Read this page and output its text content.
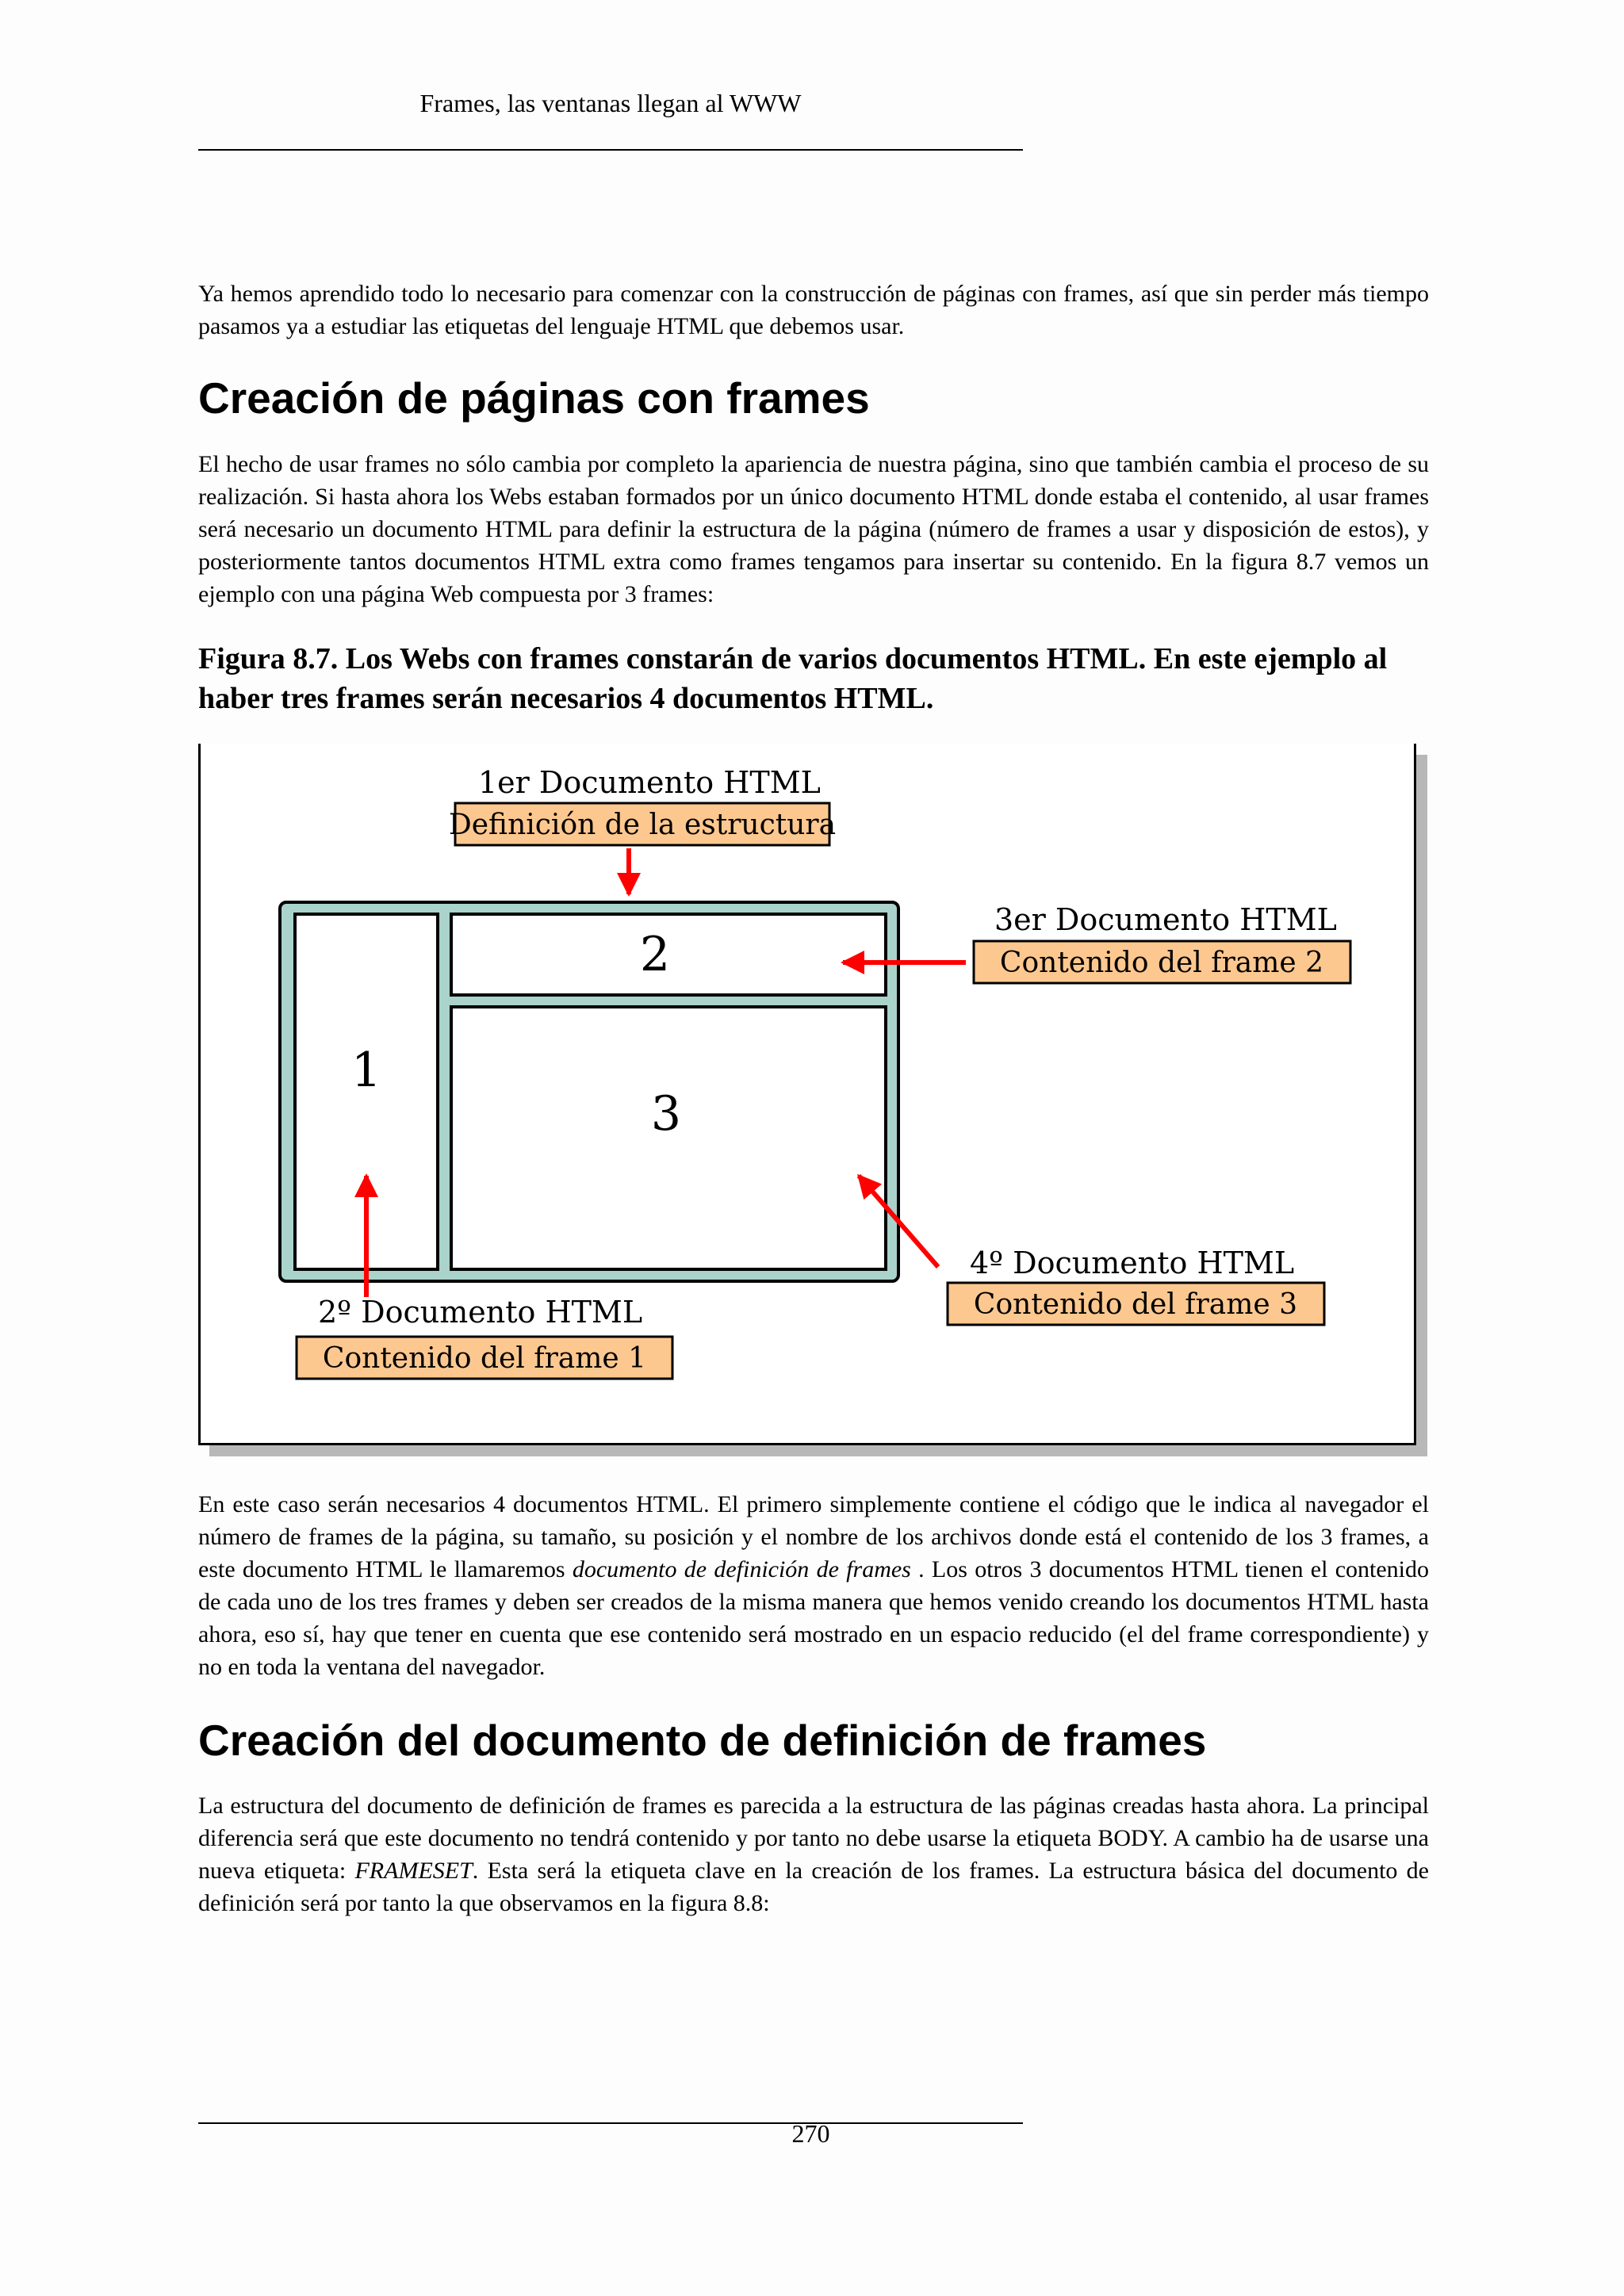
Frames, las ventanas llegan al WWW

Ya hemos aprendido todo lo necesario para comenzar con la construcción de páginas con frames, así que sin perder más tiempo pasamos ya a estudiar las etiquetas del lenguaje HTML que debemos usar.

Creación de páginas con frames

El hecho de usar frames no sólo cambia por completo la apariencia de nuestra página, sino que también cambia el proceso de su realización. Si hasta ahora los Webs estaban formados por un único documento HTML donde estaba el contenido, al usar frames será necesario un documento HTML para definir la estructura de la página (número de frames a usar y disposición de estos), y posteriormente tantos documentos HTML extra como frames tengamos para insertar su contenido. En la figura 8.7 vemos un ejemplo con una página Web compuesta por 3 frames:

Figura 8.7. Los Webs con frames constarán de varios documentos HTML. En este ejemplo al haber tres frames serán necesarios 4 documentos HTML.

1
2
3
1er Documento HTML
Definición de la estructura
3er Documento HTML
Contenido del frame 2
2º Documento HTML
Contenido del frame 1
4º Documento HTML
Contenido del frame 3

En este caso serán necesarios 4 documentos HTML. El primero simplemente contiene el código que le indica al navegador el número de frames de la página, su tamaño, su posición y el nombre de los archivos donde está el contenido de los 3 frames, a este documento HTML le llamaremos documento de definición de frames . Los otros 3 documentos HTML tienen el contenido de cada uno de los tres frames y deben ser creados de la misma manera que hemos venido creando los documentos HTML hasta ahora, eso sí, hay que tener en cuenta que ese contenido será mostrado en un espacio reducido (el del frame correspondiente) y no en toda la ventana del navegador.

Creación del documento de definición de frames

La estructura del documento de definición de frames es parecida a la estructura de las páginas creadas hasta ahora. La principal diferencia será que este documento no tendrá contenido y por tanto no debe usarse la etiqueta BODY. A cambio ha de usarse una nueva etiqueta: FRAMESET. Esta será la etiqueta clave en la creación de los frames. La estructura básica del documento de definición será por tanto la que observamos en la figura 8.8:

270
